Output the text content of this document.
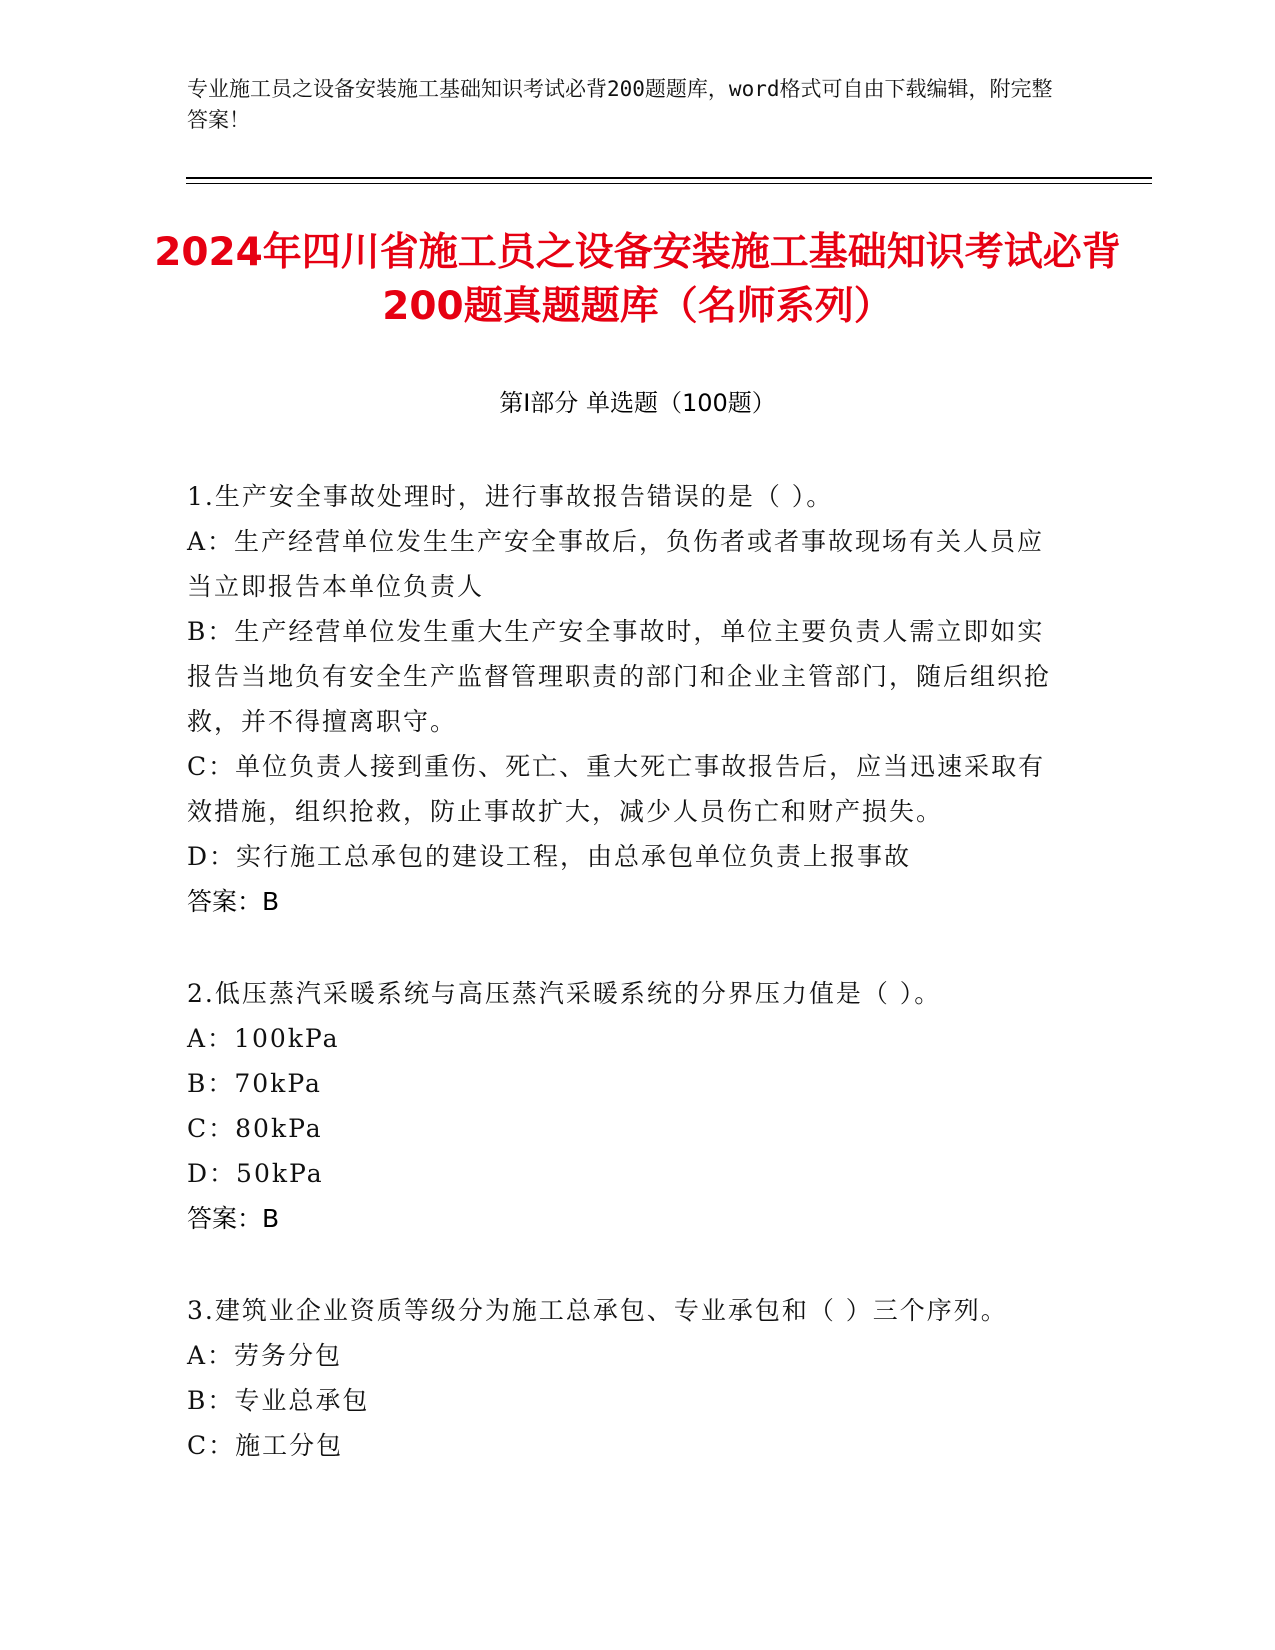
专业施工员之设备安装施工基础知识考试必背200题题库，word格式可自由下载编辑，附完整答案！
2024年四川省施工员之设备安装施工基础知识考试必背200题真题题库（名师系列）
第Ⅰ部分 单选题（100题）
1.生产安全事故处理时，进行事故报告错误的是（ ）。
A：生产经营单位发生生产安全事故后，负伤者或者事故现场有关人员应当立即报告本单位负责人
B：生产经营单位发生重大生产安全事故时，单位主要负责人需立即如实报告当地负有安全生产监督管理职责的部门和企业主管部门，随后组织抢救，并不得擅离职守。
C：单位负责人接到重伤、死亡、重大死亡事故报告后，应当迅速采取有效措施，组织抢救，防止事故扩大，减少人员伤亡和财产损失。
D：实行施工总承包的建设工程，由总承包单位负责上报事故
答案：B
2.低压蒸汽采暖系统与高压蒸汽采暖系统的分界压力值是（ ）。
A：100kPa
B：70kPa
C：80kPa
D：50kPa
答案：B
3.建筑业企业资质等级分为施工总承包、专业承包和（ ）三个序列。
A：劳务分包
B：专业总承包
C：施工分包
